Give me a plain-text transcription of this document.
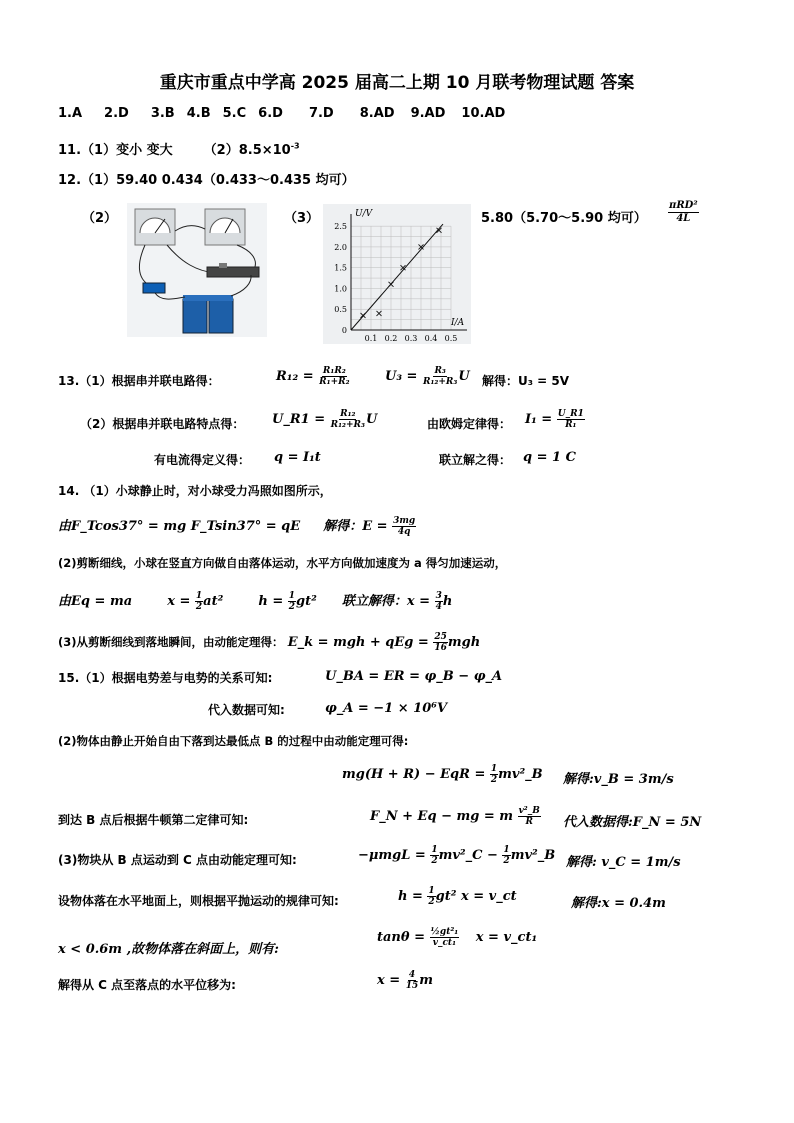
重庆市重点中学高 2025 届高二上期 10 月联考物理试题 答案
1.A 2.D 3.B 4.B 5.C 6.D 7.D 8.AD 9.AD 10.AD
11.（1）变小 变大 $(2)8.5\times 10^{-3}$
12.（1）59.40 0.434（0.433～0.435 均可）
（2）	（3）	U/V
I/A
0
0.5
1.0
1.5
2.0
2.5
0.1 0.2 0.3 0.4 0.5
5.80（5.70～5.90 均可） $\frac{\text{πRD²}}{4L}$
13.（1）根据串并联电路得：	$R_{12} = \frac{\text{R₁R₂}}{\text{R₁+R₂}}$	$U_3 = \frac{\text{R₃}}{\text{R₁₂+R₃}}$ U 解得：U₃ = 5V
（2）根据串并联电路特点得： U_R1 = $\frac{\text{R₁₂}}{\text{R₁₂+R₃}}$ U	由欧姆定律得： $I_1 = \frac{U\_R1}{\text{R₁}}$
有电流得定义得： q = I₁t	联立解之得： q = 1 C
14. （1）小球静止时，对小球受力冯照如图所示，
由F_Tcos37° = mg F_Tsin37° = qE 解得：$E = \frac{3mg}{4q}$
(2)剪断细线，小球在竖直方向做自由落体运动，水平方向做加速度为 a 得匀加速运动，
由Eq = ma	$x = \frac{1}{2} at^2$	$h = \frac{1}{2} gt^2$ 联立解得：$x = \frac{3}{4}$ h
(3)从剪断细线到落地瞬间，由动能定理得： E_k = mgh + qEg = $\frac{25}{16}$ mgh
15.（1）根据电势差与电势的关系可知:	U_BA = ER = φ_B − φ_A
代入数据可知:	φ_A = −1 × 10⁶V
(2)物体由静止开始自由下落到达最低点 B 的过程中由动能定理可得:
mg(H + R) − EqR = $\frac{1}{2}$ mv²_B 解得:v_B = 3m/s
到达 B 点后根据牛顿第二定律可知:	F_N + Eq − mg = m $\frac{\text{v²\_B}}{R}$ 代入数据得:F_N = 5N
(3)物块从 B 点运动到 C 点由动能定理可知:	$-\mu mgL = \frac{1}{2}$ mv²_C − $\frac{1}{2}$ mv²_B 解得: v_C = 1m/s
设物体落在水平地面上，则根据平抛运动的规律可知:	$h = \frac{1}{2} gt^2$ x = v_ct	解得:x = 0.4m
x < 0.6m ,故物体落在斜面上，则有:
$\tan\theta = \frac{\text{½gt²₁}}{\text{v\_ct₁}}$ x = v_ct₁
解得从 C 点至落点的水平位移为:	$x = \frac{4}{15}$ m
